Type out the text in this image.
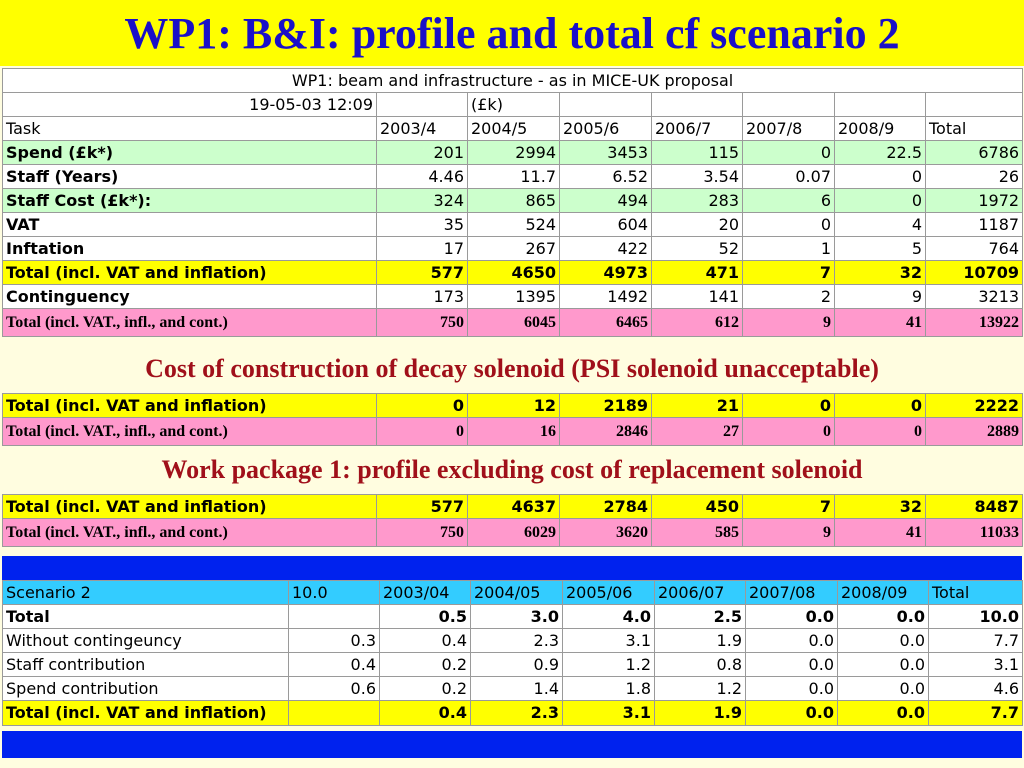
WP1: B&I: profile and total cf scenario 2
WP1: beam and infrastructure - as in MICE-UK proposal							
19-05-03 12:09		(£k)					
Task	2003/4	2004/5	2005/6	2006/7	2007/8	2008/9	Total
Spend (£k*)	201	2994	3453	115	0	22.5	6786
Staff (Years)	4.46	11.7	6.52	3.54	0.07	0	26
Staff Cost (£k*):	324	865	494	283	6	0	1972
VAT	35	524	604	20	0	4	1187
Inftation	17	267	422	52	1	5	764
Total (incl. VAT and inflation)	577	4650	4973	471	7	32	10709
Continguency	173	1395	1492	141	2	9	3213
Total (incl. VAT., infl., and cont.)	750	6045	6465	612	9	41	13922
Cost of construction of decay solenoid (PSI solenoid unacceptable)
Total (incl. VAT and inflation)	0	12	2189	21	0	0	2222
Total (incl. VAT., infl., and cont.)	0	16	2846	27	0	0	2889
Work package 1: profile excluding cost of replacement solenoid
Total (incl. VAT and inflation)	577	4637	2784	450	7	32	8487
Total (incl. VAT., infl., and cont.)	750	6029	3620	585	9	41	11033
Scenario 2	10.0	2003/04	2004/05	2005/06	2006/07	2007/08	2008/09	Total
Total		0.5	3.0	4.0	2.5	0.0	0.0	10.0
Without contingeuncy	0.3	0.4	2.3	3.1	1.9	0.0	0.0	7.7
Staff contribution	0.4	0.2	0.9	1.2	0.8	0.0	0.0	3.1
Spend contribution	0.6	0.2	1.4	1.8	1.2	0.0	0.0	4.6
Total (incl. VAT and inflation)		0.4	2.3	3.1	1.9	0.0	0.0	7.7
